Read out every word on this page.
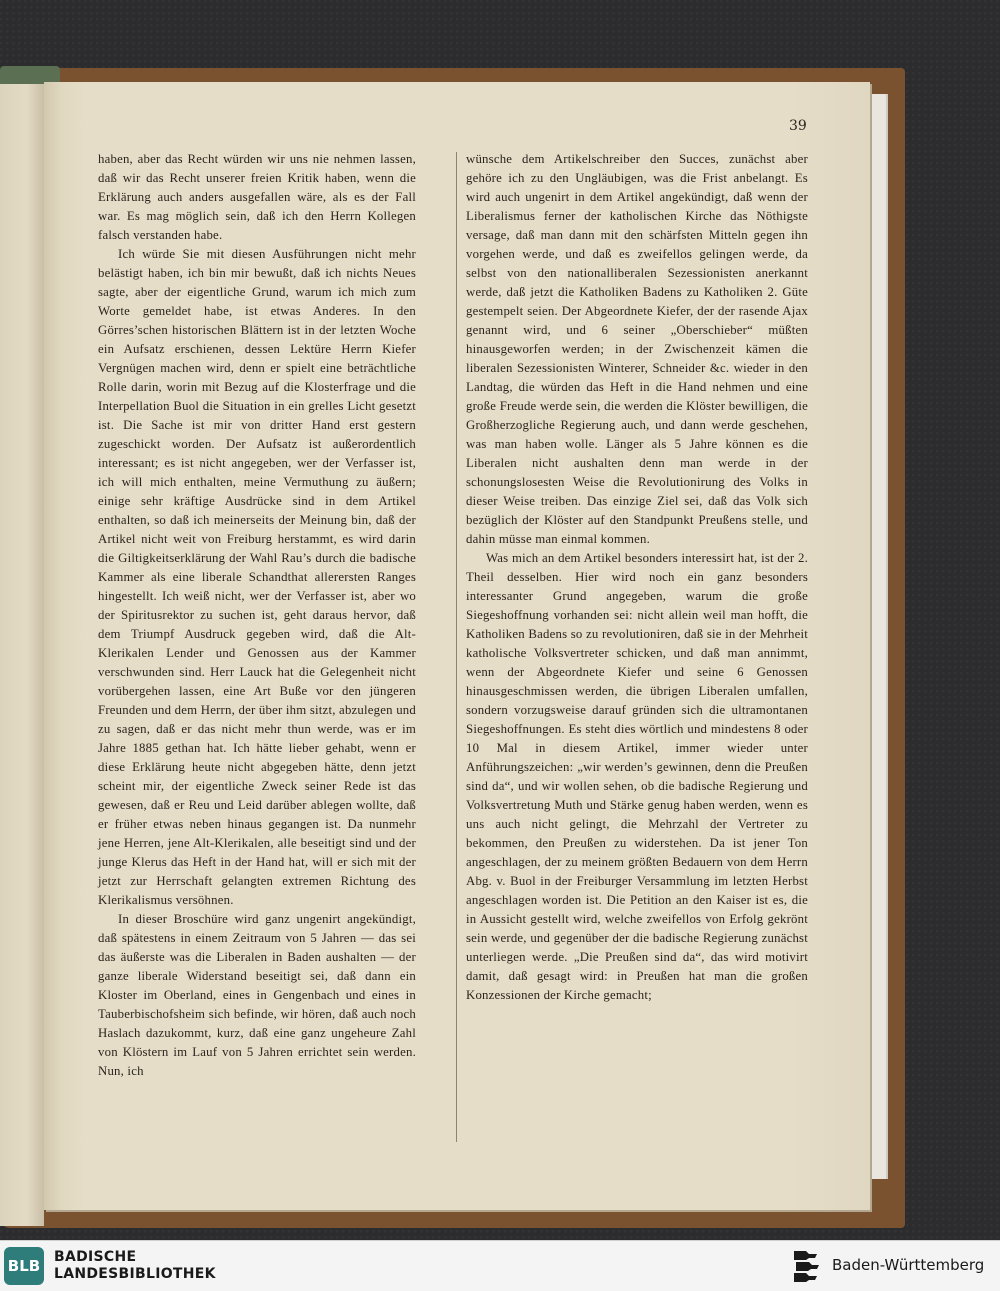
39

haben, aber das Recht würden wir uns nie nehmen lassen, daß wir das Recht unserer freien Kritik haben, wenn die Erklärung auch anders ausgefallen wäre, als es der Fall war. Es mag möglich sein, daß ich den Herrn Kollegen falsch verstanden habe.

Ich würde Sie mit diesen Ausführungen nicht mehr belästigt haben, ich bin mir bewußt, daß ich nichts Neues sagte, aber der eigentliche Grund, warum ich mich zum Worte gemeldet habe, ist etwas Anderes. In den Görres’schen historischen Blättern ist in der letzten Woche ein Aufsatz erschienen, dessen Lektüre Herrn Kiefer Vergnügen machen wird, denn er spielt eine beträchtliche Rolle darin, worin mit Bezug auf die Klosterfrage und die Interpellation Buol die Situation in ein grelles Licht gesetzt ist. Die Sache ist mir von dritter Hand erst gestern zugeschickt worden. Der Aufsatz ist außerordentlich interessant; es ist nicht angegeben, wer der Verfasser ist, ich will mich enthalten, meine Vermuthung zu äußern; einige sehr kräftige Ausdrücke sind in dem Artikel enthalten, so daß ich meinerseits der Meinung bin, daß der Artikel nicht weit von Freiburg herstammt, es wird darin die Giltigkeitserklärung der Wahl Rau’s durch die badische Kammer als eine liberale Schandthat allerersten Ranges hingestellt. Ich weiß nicht, wer der Verfasser ist, aber wo der Spiritusrektor zu suchen ist, geht daraus hervor, daß dem Triumpf Ausdruck gegeben wird, daß die Alt-Klerikalen Lender und Genossen aus der Kammer verschwunden sind. Herr Lauck hat die Gelegenheit nicht vorübergehen lassen, eine Art Buße vor den jüngeren Freunden und dem Herrn, der über ihm sitzt, abzulegen und zu sagen, daß er das nicht mehr thun werde, was er im Jahre 1885 gethan hat. Ich hätte lieber gehabt, wenn er diese Erklärung heute nicht abgegeben hätte, denn jetzt scheint mir, der eigentliche Zweck seiner Rede ist das gewesen, daß er Reu und Leid darüber ablegen wollte, daß er früher etwas neben hinaus gegangen ist. Da nunmehr jene Herren, jene Alt-Klerikalen, alle beseitigt sind und der junge Klerus das Heft in der Hand hat, will er sich mit der jetzt zur Herrschaft gelangten extremen Richtung des Klerikalismus versöhnen.

In dieser Broschüre wird ganz ungenirt angekündigt, daß spätestens in einem Zeitraum von 5 Jahren — das sei das äußerste was die Liberalen in Baden aushalten — der ganze liberale Widerstand beseitigt sei, daß dann ein Kloster im Oberland, eines in Gengenbach und eines in Tauberbischofsheim sich befinde, wir hören, daß auch noch Haslach dazukommt, kurz, daß eine ganz ungeheure Zahl von Klöstern im Lauf von 5 Jahren errichtet sein werden. Nun, ich

wünsche dem Artikelschreiber den Succes, zunächst aber gehöre ich zu den Ungläubigen, was die Frist anbelangt. Es wird auch ungenirt in dem Artikel angekündigt, daß wenn der Liberalismus ferner der katholischen Kirche das Nöthigste versage, daß man dann mit den schärfsten Mitteln gegen ihn vorgehen werde, und daß es zweifellos gelingen werde, da selbst von den nationalliberalen Sezessionisten anerkannt werde, daß jetzt die Katholiken Badens zu Katholiken 2. Güte gestempelt seien. Der Abgeordnete Kiefer, der der rasende Ajax genannt wird, und 6 seiner „Oberschieber“ müßten hinausgeworfen werden; in der Zwischenzeit kämen die liberalen Sezessionisten Winterer, Schneider &c. wieder in den Landtag, die würden das Heft in die Hand nehmen und eine große Freude werde sein, die werden die Klöster bewilligen, die Großherzogliche Regierung auch, und dann werde geschehen, was man haben wolle. Länger als 5 Jahre können es die Liberalen nicht aushalten denn man werde in der schonungslosesten Weise die Revolutionirung des Volks in dieser Weise treiben. Das einzige Ziel sei, daß das Volk sich bezüglich der Klöster auf den Standpunkt Preußens stelle, und dahin müsse man einmal kommen.

Was mich an dem Artikel besonders interessirt hat, ist der 2. Theil desselben. Hier wird noch ein ganz besonders interessanter Grund angegeben, warum die große Siegeshoffnung vorhanden sei: nicht allein weil man hofft, die Katholiken Badens so zu revolutioniren, daß sie in der Mehrheit katholische Volksvertreter schicken, und daß man annimmt, wenn der Abgeordnete Kiefer und seine 6 Genossen hinausgeschmissen werden, die übrigen Liberalen umfallen, sondern vorzugsweise darauf gründen sich die ultramontanen Siegeshoffnungen. Es steht dies wörtlich und mindestens 8 oder 10 Mal in diesem Artikel, immer wieder unter Anführungszeichen: „wir werden’s gewinnen, denn die Preußen sind da“, und wir wollen sehen, ob die badische Regierung und Volksvertretung Muth und Stärke genug haben werden, wenn es uns auch nicht gelingt, die Mehrzahl der Vertreter zu bekommen, den Preußen zu widerstehen. Da ist jener Ton angeschlagen, der zu meinem größten Bedauern von dem Herrn Abg. v. Buol in der Freiburger Versammlung im letzten Herbst angeschlagen worden ist. Die Petition an den Kaiser ist es, die in Aussicht gestellt wird, welche zweifellos von Erfolg gekrönt sein werde, und gegenüber der die badische Regierung zunächst unterliegen werde. „Die Preußen sind da“, das wird motivirt damit, daß gesagt wird: in Preußen hat man die großen Konzessionen der Kirche gemacht;

BLB BADISCHE
LANDESBIBLIOTHEK	Baden-Württemberg
